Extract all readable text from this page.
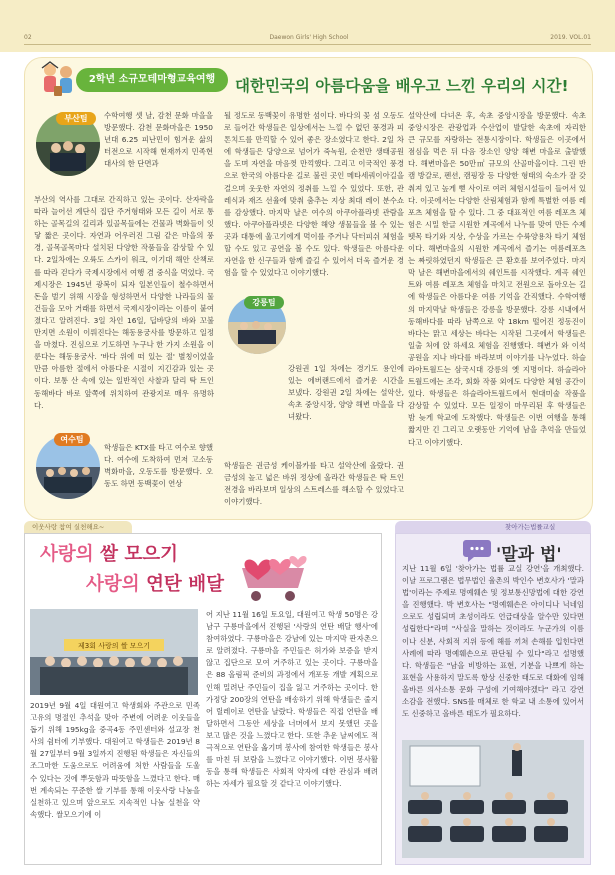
02	Daewon Girls' High School	2019. VOL.01
2학년 소규모테마형교육여행	대한민국의 아름다움을 배우고 느낀 우리의 시간!
부산팀
강릉팀
여수팀
수학여행 셋 날, 감천 문화 마을을 방문했다. 감천 문화마을은 1950년대 6.25 피난민이 힘겨운 삶의 터전으로 시작해 현재까지 민족현대사의 한 단면과
부산의 역사를 그대로 간직하고 있는 곳이다. 산자락을 따라 늘어선 계단식 집단 주거형태와 모든 길이 서로 통하는 골목길의 길리과 있골목들에는 건물과 벽화들이 잇닿 짧은 곳이다. 자연과 어우러진 그림 같은 마을의 풍경, 골목골목마다 설치된 다양한 작품들을 감상할 수 있다. 2일차에는 오륙도 스카이 워크, 이기대 해안 산책로를 따라 걷다가 국제시장에서 여행 겸 중식을 먹었다. 국제시장은 1945년 광복이 되자 일본인들이 철수하면서 돈을 벌기 위해 시장을 형성하면서 다양한 나라들의 물건들을 모아 거래를 하면서 국제시장이라는 이름이 붙여졌다고 알려진다. 3일 차인 16일, 딥바당의 바와 꼬불 만지면 소원이 이뤄진다는 해동용궁사를 방문하고 일정을 마쳤다. 진심으로 기도하면 누구나 한 가지 소원을 이룬다는 해동용궁사. '바다 위에 떠 있는 절' 별칭이었을 만큼 아름한 절에서 아름다운 시절이 지긴감과 있는 곳이다. 보통 산 속에 있는 일반적인 사찰과 달리 탁 트인 동해바다 바로 앞쪽에 위치하여 관광지로 매우 유명하다.
학생들은 KTX를 타고 여수로 향했다. 여수에 도착하여 먼저 고소동 벽화마을, 오동도를 방문했다. 오동도 하면 동백꽃이 연상
될 정도로 동백꽃이 유명한 섬이다. 바다의 꽃 섬 오동도로 들어간 학생들은 일상에서는 느낄 수 없던 풍경과 피톤치드를 만끽할 수 있어 좋은 장소였다고 한다. 2일 차에 학생들은 당양으로 넘어가 죽녹원, 순천만 생태공원을 도며 자연을 마음껏 만끽했다. 그리고 이국적인 풍경으로 한국의 아름다운 길로 불린 곳인 메타세쿼이아길을 걸으며 웃웃한 자연의 정취를 느낄 수 있었다. 또한, 관레식과 재즈 선율에 맞춰 춤추는 지상 최대 레이 분수쇼를 감상했다. 마지막 날은 여수의 아쿠아플라넷 관람을 했다. 아쿠아플라넷은 다양한 해양 생물들을 볼 수 있는 곳과 대통에 울고기에게 먹이를 주거나 닥터피쉬 체험을 할 수도 있고 공연을 볼 수도 있다. 학생들은 아름다운 자연을 한 신구들과 함께 즐길 수 있어서 더욱 즐거운 경험을 할 수 있었다고 이야기했다.
강원권 1일 차에는 경기도 용인에 있는 에버랜드에서 즐거운 시간을 보냈다. 강원권 2일 차에는 설악산, 속초 중앙시장, 양양 해변 마을을 다녀왔다.
학생들은 권금성 케이블카를 타고 설악산에 올랐다. 권금성의 높고 넓은 바위 정상에 올라간 학생들은 탁 트인 전경을 바라보며 일상의 스트레스를 해소할 수 있었다고 이야기했다.
설악산에 다녀온 후, 속초 중앙시장을 방문했다. 속초 중앙시장은 관광업과 수산업이 발달한 속초에 자리한 큰 규모를 자랑하는 전통시장이다. 학생들은 이곳에서 점심을 먹은 뒤 다음 장소인 양양 해변 마을로 출발했다. 해변마을은 50만㎡ 규모의 산골마을이다. 그린 반캠 방갈로, 펜션, 캠핑장 등 다양한 형태의 숙소가 잘 갖춰져 있고 높게 뻗 사이로 여러 체험시설들이 들어서 있다. 이곳에서는 다양한 산림체험과 함께 특별한 여름 레포츠 체험을 할 수 있다. 그 중 대표적인 여름 레포츠 체험은 시밀 한글 시원한 계곡에서 나누를 맞여 만든 수제 뗏목 타기와 지상, 수상을 가르는 수륙양용차 타기 체험이다. 해변마을의 시원한 계곡에서 즐기는 여름레포츠는 짜릿하였던지 학생들은 큰 환호를 보여주었다. 마지막 날은 해변마을에서의 쉐인트를 시작했다. 계곡 쉐인트와 여름 레포츠 체험을 마치고 전원으로 돌아오는 길에 학생들은 아름다운 여름 기억을 간직했다. 수학여행의 마지막날 학생들은 강릉을 방문했다. 강릉 시내에서 동해바다를 따라 남쪽으로 약 18km 떨어진 정동진이 바다는 맑고 세상는 바다는 시작된 그곳에서 학생들은 일출 처에 앉 하세요 체험을 진행했다. 해변가 와 이석공원을 지나 바다를 바라보며 이야기를 나누었다. 하슬라아트월드는 삼국시대 강릉의 옛 지명이다. 하슬라아트월드에는 조각, 회화 작품 외에도 다양한 체험 공간이 있다. 학생들은 하슬라아트월드에서 현대미술 작품을 감상할 수 있었다. 모든 일정이 마무리된 후 학생들은 밤 늦게 학교에 도착했다. 학생들은 이번 여행을 통해 짧지만 긴 그리고 오랫동안 기억에 남을 추억을 만들었다고 이야기했다.
이웃사랑 참여 실천해요~
사랑의 쌀 모으기
사랑의 연탄 배달
제3회 사랑의 쌀 모으기
2019년 9월 4일 대원여고 학생회와 주관으로 민족 고유의 명절인 추석을 맞아 주변에 어려운 이웃들을 돕기 위해 195kg을 중곡4동 주민센터와 설교장 천사의 쉼터에 기부했다. 대원여고 학생들은 2019년 8월 27일부터 9월 3일까지 진행된 학생들은 자신들의 조그마한 도움으로도 어려움에 처한 사람들을 도울 수 있다는 것에 뿌듯함과 따뜻함을 느꼈다고 한다. 매번 계속되는 꾸준한 쌀 기부를 통해 이웃사랑 나눔을 실천하고 있으며 앞으로도 지속적인 나눔 실천을 약속했다. 쌀모으기에 이
어 지난 11월 16일 토요일, 대원여고 학생 50명은 강남구 구룡마을에서 진행된 '사랑의 연탄 배달 행사'에 참여하였다. 구룡마을은 강남에 있는 마지막 판자촌으로 알려졌다. 구룡마을 주민들은 허가와 보증을 받지 않고 집단으로 모여 거주하고 있는 곳이다. 구룡마을은 88 올림픽 준비의 과정에서 개포동 개발 계획으로 인해 밀려난 주민들이 집을 잃고 거주하는 곳이다. 한 가정당 200장의 연탄을 배송하기 위해 학생들은 줄지어 릴레이로 연탄을 날랐다. 학생들은 직접 연탄을 배달하면서 그동안 세상을 너머에서 보지 못했던 곳을 보고 많은 것을 느꼈다고 한다. 또한 추운 날씨에도 적극적으로 연탄을 옮기며 봉사에 참여한 학생들은 봉사를 마친 뒤 보람을 느꼈다고 이야기했다. 이번 봉사활동을 통해 학생들은 사회적 약자에 대한 관심과 배려하는 자세가 필요할 것 같다고 이야기했다.
찾아가는법률교실
'말과 법'
지난 11월 6일 '찾아가는 법률 교실 강연'을 개최했다. 이날 프로그램은 법무법인 율촌의 박인수 변호사가 '말과 법'이라는 주제로 명예훼손 및 정보통신망법에 대한 강연을 진행했다. 박 변호사는 "명예훼손은 아이디나 닉네임으로도 성립되며 초성이라도 언급대상을 알수만 있다면 성립한다"라며 "사실을 말하는 것이라도 누군가의 이름이나 신분, 사회적 지위 등에 해를 끼쳐 손해를 입힌다면 사례에 따라 명예훼손으로 판단될 수 있다"라고 설명했다. 학생들은 "남을 비방하는 표현, 기분을 나쁘게 하는 표현을 사용하지 말도록 항상 신중한 태도로 대화에 임해 올바른 의사소통 문화 구성에 기여해야겠다" 라고 강연 소감을 전했다. SNS를 매체로 한 학교 내 소통에 있어서도 신중하고 올바른 태도가 필요하다.
